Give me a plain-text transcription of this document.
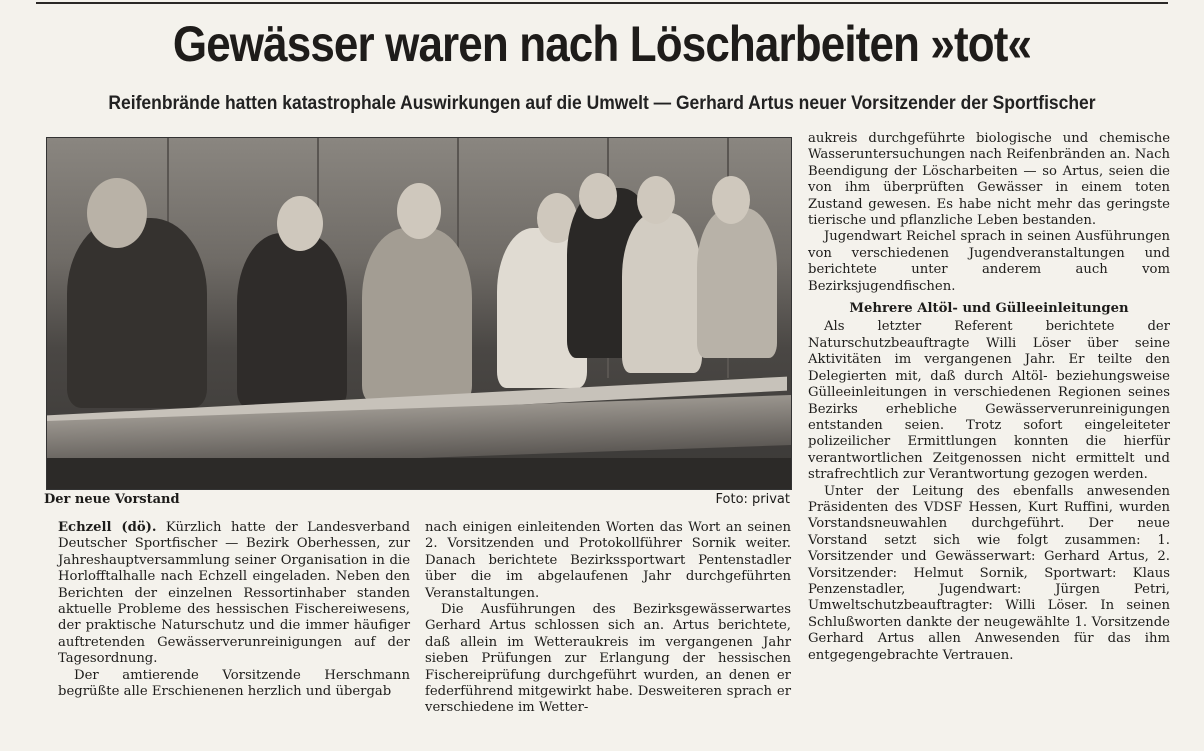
Gewässer waren nach Löscharbeiten »tot«
Reifenbrände hatten katastrophale Auswirkungen auf die Umwelt — Gerhard Artus neuer Vorsitzender der Sportfischer
Der neue Vorstand	Foto: privat

Echzell (dö). Kürzlich hatte der Landesverband Deutscher Sportfischer — Bezirk Oberhessen, zur Jahreshauptversammlung seiner Organisation in die Horlofftalhalle nach Echzell eingeladen. Neben den Berichten der einzelnen Ressortinhaber standen aktuelle Probleme des hessischen Fischereiwesens, der praktische Naturschutz und die immer häufiger auftretenden Gewässerverunreinigungen auf der Tagesordnung.

Der amtierende Vorsitzende Herschmann begrüßte alle Erschienenen herzlich und übergab

nach einigen einleitenden Worten das Wort an seinen 2. Vorsitzenden und Protokollführer Sornik weiter. Danach berichtete Bezirkssportwart Pentenstadler über die im abgelaufenen Jahr durchgeführten Veranstaltungen.

Die Ausführungen des Bezirksgewässerwartes Gerhard Artus schlossen sich an. Artus berichtete, daß allein im Wetteraukreis im vergangenen Jahr sieben Prüfungen zur Erlangung der hessischen Fischereiprüfung durchgeführt wurden, an denen er federführend mitgewirkt habe. Desweiteren sprach er verschiedene im Wetter-

aukreis durchgeführte biologische und chemische Wasseruntersuchungen nach Reifenbränden an. Nach Beendigung der Löscharbeiten — so Artus, seien die von ihm überprüften Gewässer in einem toten Zustand gewesen. Es habe nicht mehr das geringste tierische und pflanzliche Leben bestanden.

Jugendwart Reichel sprach in seinen Ausführungen von verschiedenen Jugendveranstaltungen und berichtete unter anderem auch vom Bezirksjugendfischen.

Mehrere Altöl- und Gülleeinleitungen

Als letzter Referent berichtete der Naturschutzbeauftragte Willi Löser über seine Aktivitäten im vergangenen Jahr. Er teilte den Delegierten mit, daß durch Altöl- beziehungsweise Gülleeinleitungen in verschiedenen Regionen seines Bezirks erhebliche Gewässerverunreinigungen entstanden seien. Trotz sofort eingeleiteter polizeilicher Ermittlungen konnten die hierfür verantwortlichen Zeitgenossen nicht ermittelt und strafrechtlich zur Verantwortung gezogen werden.

Unter der Leitung des ebenfalls anwesenden Präsidenten des VDSF Hessen, Kurt Ruffini, wurden Vorstandsneuwahlen durchgeführt. Der neue Vorstand setzt sich wie folgt zusammen: 1. Vorsitzender und Gewässerwart: Gerhard Artus, 2. Vorsitzender: Helmut Sornik, Sportwart: Klaus Penzenstadler, Jugendwart: Jürgen Petri, Umweltschutzbeauftragter: Willi Löser. In seinen Schlußworten dankte der neugewählte 1. Vorsitzende Gerhard Artus allen Anwesenden für das ihm entgegengebrachte Vertrauen.
